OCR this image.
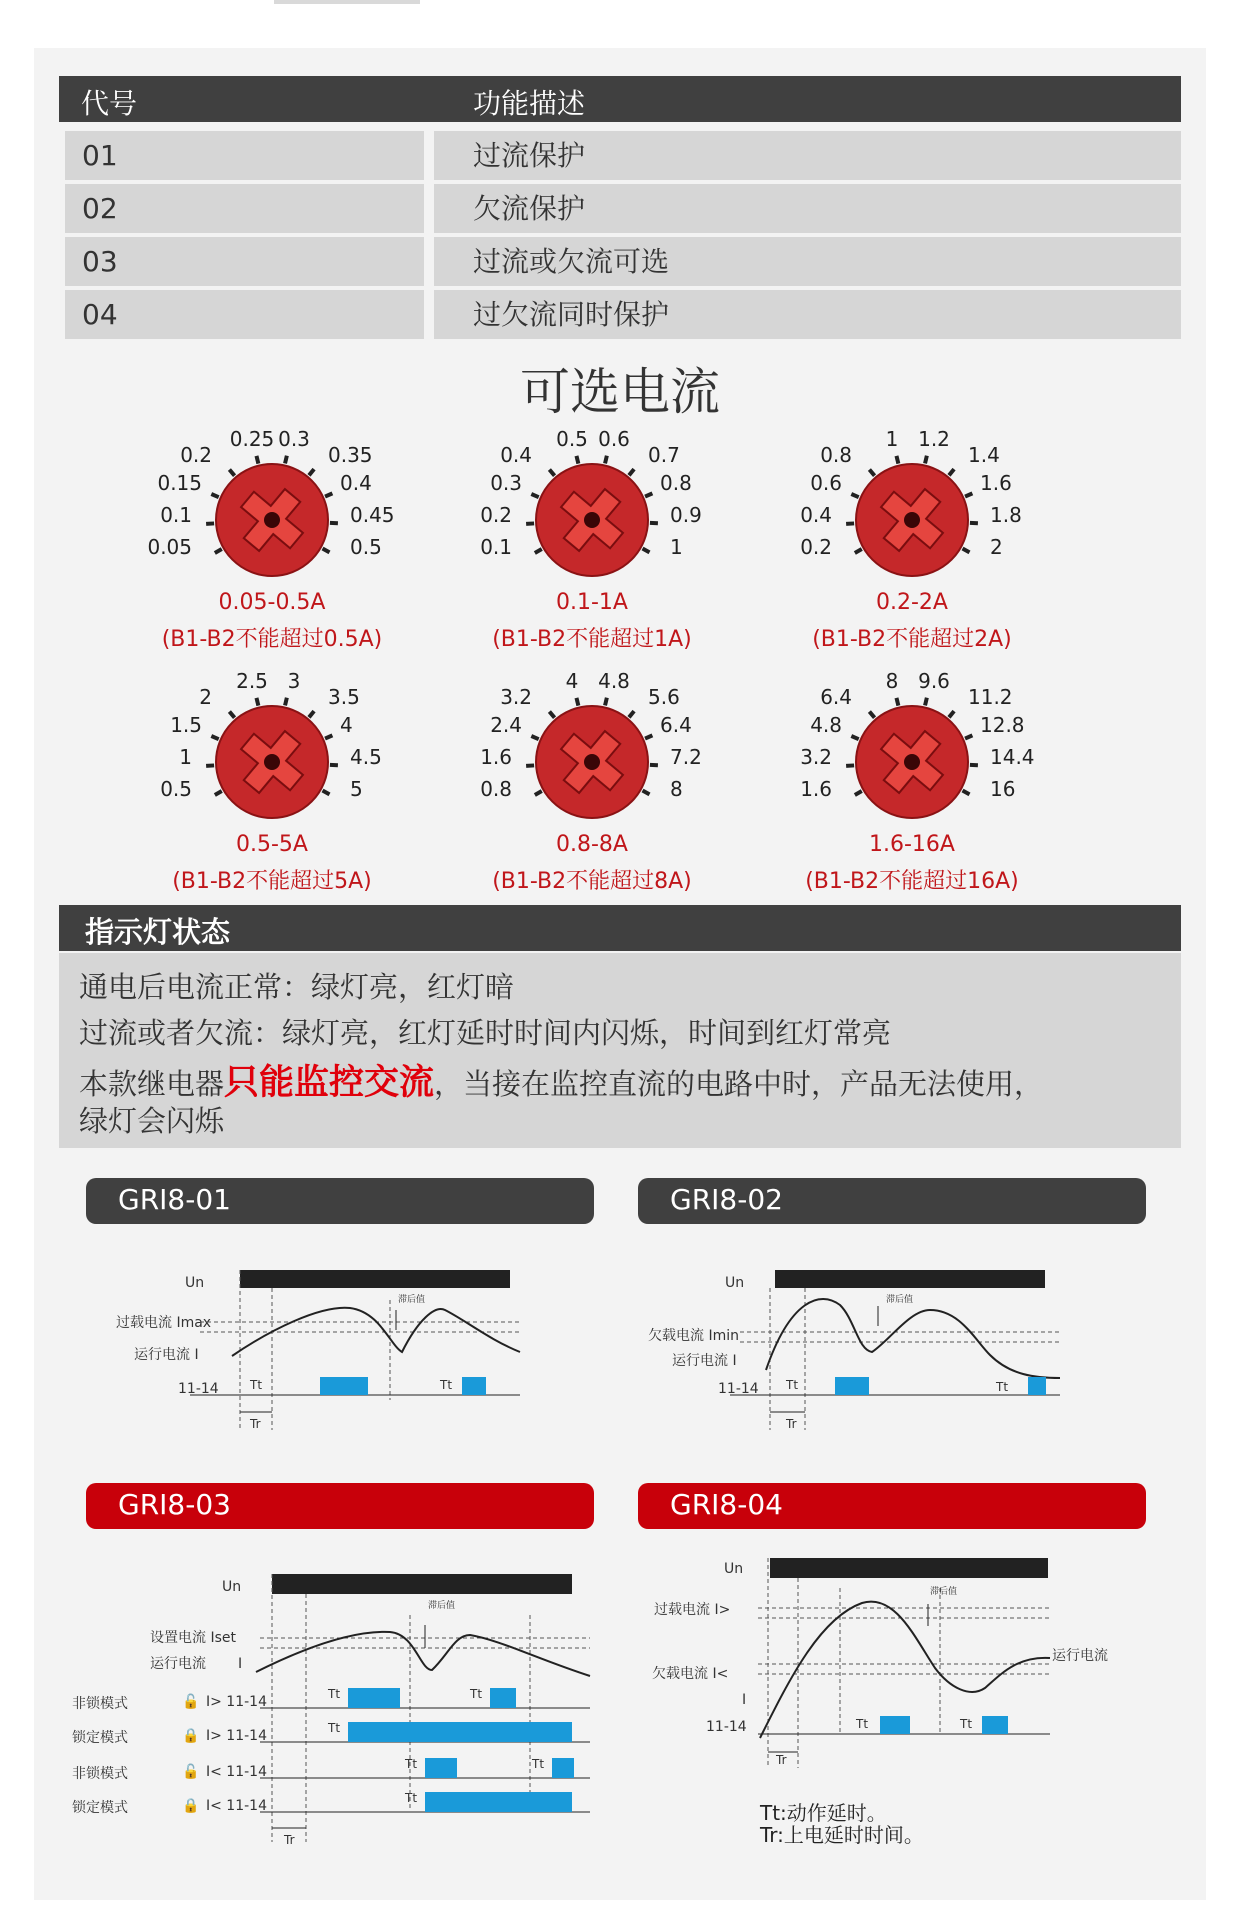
代号	功能描述
01	过流保护
02	欠流保护
03	过流或欠流可选
04	过欠流同时保护
可选电流
0.2
0.15
0.1
0.05
0.25 0.3
0.35
0.4
0.45
0.5
0.05-0.5A
(B1-B2不能超过0.5A)
0.4
0.3
0.2
0.1
0.5 0.6
0.7
0.8
0.9
1
0.1-1A
(B1-B2不能超过1A)
0.8
0.6
0.4
0.2
1 1.2
1.4
1.6
1.8
2
0.2-2A
(B1-B2不能超过2A)
2
1.5
1
0.5
2.5 3
3.5
4
4.5
5
0.5-5A
(B1-B2不能超过5A)
3.2
2.4
1.6
0.8
4 4.8
5.6
6.4
7.2
8
0.8-8A
(B1-B2不能超过8A)
6.4
4.8
3.2
1.6
8 9.6
11.2
12.8
14.4
16
1.6-16A
(B1-B2不能超过16A)
指示灯状态
通电后电流正常：绿灯亮，红灯暗
过流或者欠流：绿灯亮，红灯延时时间内闪烁，时间到红灯常亮
本款继电器只能监控交流，当接在监控直流的电路中时，产品无法使用，
绿灯会闪烁
GRI8-01	GRI8-02
GRI8-03	GRI8-04
Un
过载电流 Imax
运行电流 I
11-14	Tt	Tt
Tr
滞后值
Un
欠载电流 Imin
运行电流 I
11-14 Tt	Tt
Tr
滞后值
Un
设置电流 Iset
运行电流 I
非锁模式
锁定模式
非锁模式
锁定模式
🔓
🔒
🔓
🔒
I> 11-14
I> 11-14
I< 11-14
I< 11-14
Tt	Tt
Tt
Tt	Tt
Tt
Tr
滞后值
Un
过载电流 I>
欠载电流 I<
I
11-14
运行电流
Tt	Tt
Tr
滞后值
Tt:动作延时。
Tr:上电延时时间。
